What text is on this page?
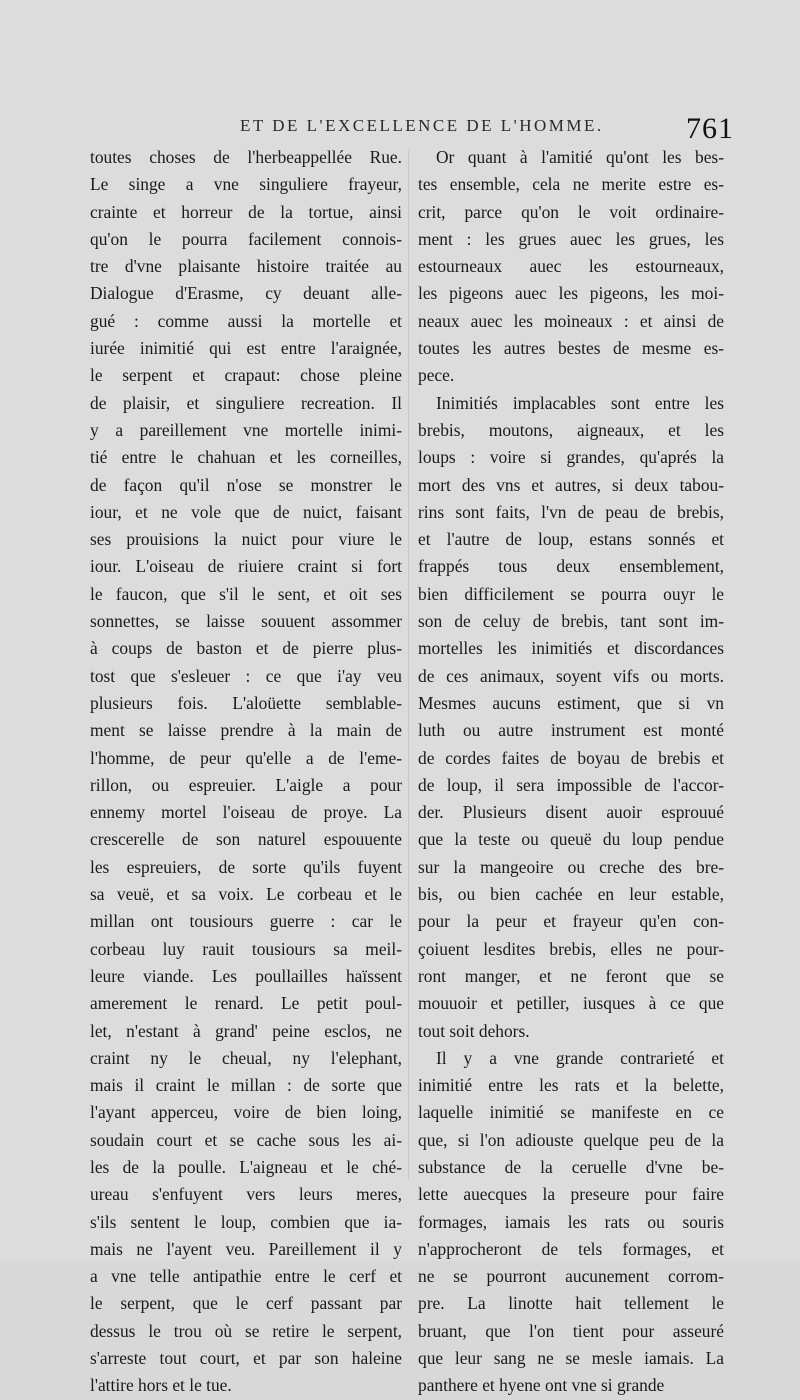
ET DE L'EXCELLENCE DE L'HOMME.	761
toutes choses de l'herbeappellée Rue.
Le singe a vne singuliere frayeur,
crainte et horreur de la tortue, ainsi
qu'on le pourra facilement connois-
tre d'vne plaisante histoire traitée au
Dialogue d'Erasme, cy deuant alle-
gué : comme aussi la mortelle et
iurée inimitié qui est entre l'araignée,
le serpent et crapaut: chose pleine
de plaisir, et singuliere recreation. Il
y a pareillement vne mortelle inimi-
tié entre le chahuan et les corneilles,
de façon qu'il n'ose se monstrer le
iour, et ne vole que de nuict, faisant
ses prouisions la nuict pour viure le
iour. L'oiseau de riuiere craint si fort
le faucon, que s'il le sent, et oit ses
sonnettes, se laisse souuent assommer
à coups de baston et de pierre plus-
tost que s'esleuer : ce que i'ay veu
plusieurs fois. L'aloüette semblable-
ment se laisse prendre à la main de
l'homme, de peur qu'elle a de l'eme-
rillon, ou espreuier. L'aigle a pour
ennemy mortel l'oiseau de proye. La
crescerelle de son naturel espouuente
les espreuiers, de sorte qu'ils fuyent
sa veuë, et sa voix. Le corbeau et le
millan ont tousiours guerre : car le
corbeau luy rauit tousiours sa meil-
leure viande. Les poullailles haïssent
amerement le renard. Le petit poul-
let, n'estant à grand' peine esclos, ne
craint ny le cheual, ny l'elephant,
mais il craint le millan : de sorte que
l'ayant apperceu, voire de bien loing,
soudain court et se cache sous les ai-
les de la poulle. L'aigneau et le ché-
ureau s'enfuyent vers leurs meres,
s'ils sentent le loup, combien que ia-
mais ne l'ayent veu. Pareillement il y
a vne telle antipathie entre le cerf et
le serpent, que le cerf passant par
dessus le trou où se retire le serpent,
s'arreste tout court, et par son haleine
l'attire hors et le tue.
Or quant à l'amitié qu'ont les bes-
tes ensemble, cela ne merite estre es-
crit, parce qu'on le voit ordinaire-
ment : les grues auec les grues, les
estourneaux auec les estourneaux,
les pigeons auec les pigeons, les moi-
neaux auec les moineaux : et ainsi de
toutes les autres bestes de mesme es-
pece.
Inimitiés implacables sont entre les
brebis, moutons, aigneaux, et les
loups : voire si grandes, qu'aprés la
mort des vns et autres, si deux tabou-
rins sont faits, l'vn de peau de brebis,
et l'autre de loup, estans sonnés et
frappés tous deux ensemblement,
bien difficilement se pourra ouyr le
son de celuy de brebis, tant sont im-
mortelles les inimitiés et discordances
de ces animaux, soyent vifs ou morts.
Mesmes aucuns estiment, que si vn
luth ou autre instrument est monté
de cordes faites de boyau de brebis et
de loup, il sera impossible de l'accor-
der. Plusieurs disent auoir esprouué
que la teste ou queuë du loup pendue
sur la mangeoire ou creche des bre-
bis, ou bien cachée en leur estable,
pour la peur et frayeur qu'en con-
çoiuent lesdites brebis, elles ne pour-
ront manger, et ne feront que se
mouuoir et petiller, iusques à ce que
tout soit dehors.
Il y a vne grande contrarieté et
inimitié entre les rats et la belette,
laquelle inimitié se manifeste en ce
que, si l'on adiouste quelque peu de la
substance de la ceruelle d'vne be-
lette auecques la preseure pour faire
formages, iamais les rats ou souris
n'approcheront de tels formages, et
ne se pourront aucunement corrom-
pre. La linotte hait tellement le
bruant, que l'on tient pour asseuré
que leur sang ne se mesle iamais. La
panthere et hyene ont vne si grande
